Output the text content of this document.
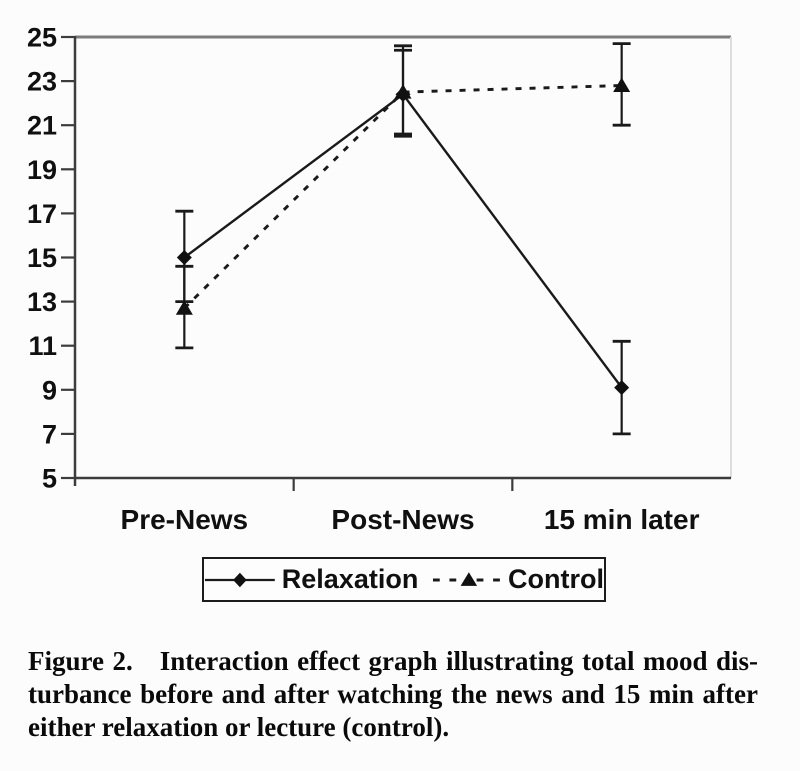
25
23
21
19
17
15
13
11
9
7
5
Pre-News	Post-News 15 min later
Relaxation	Control
Figure 2. Interaction effect graph illustrating total mood dis-
turbance before and after watching the news and 15 min after
either relaxation or lecture (control).
